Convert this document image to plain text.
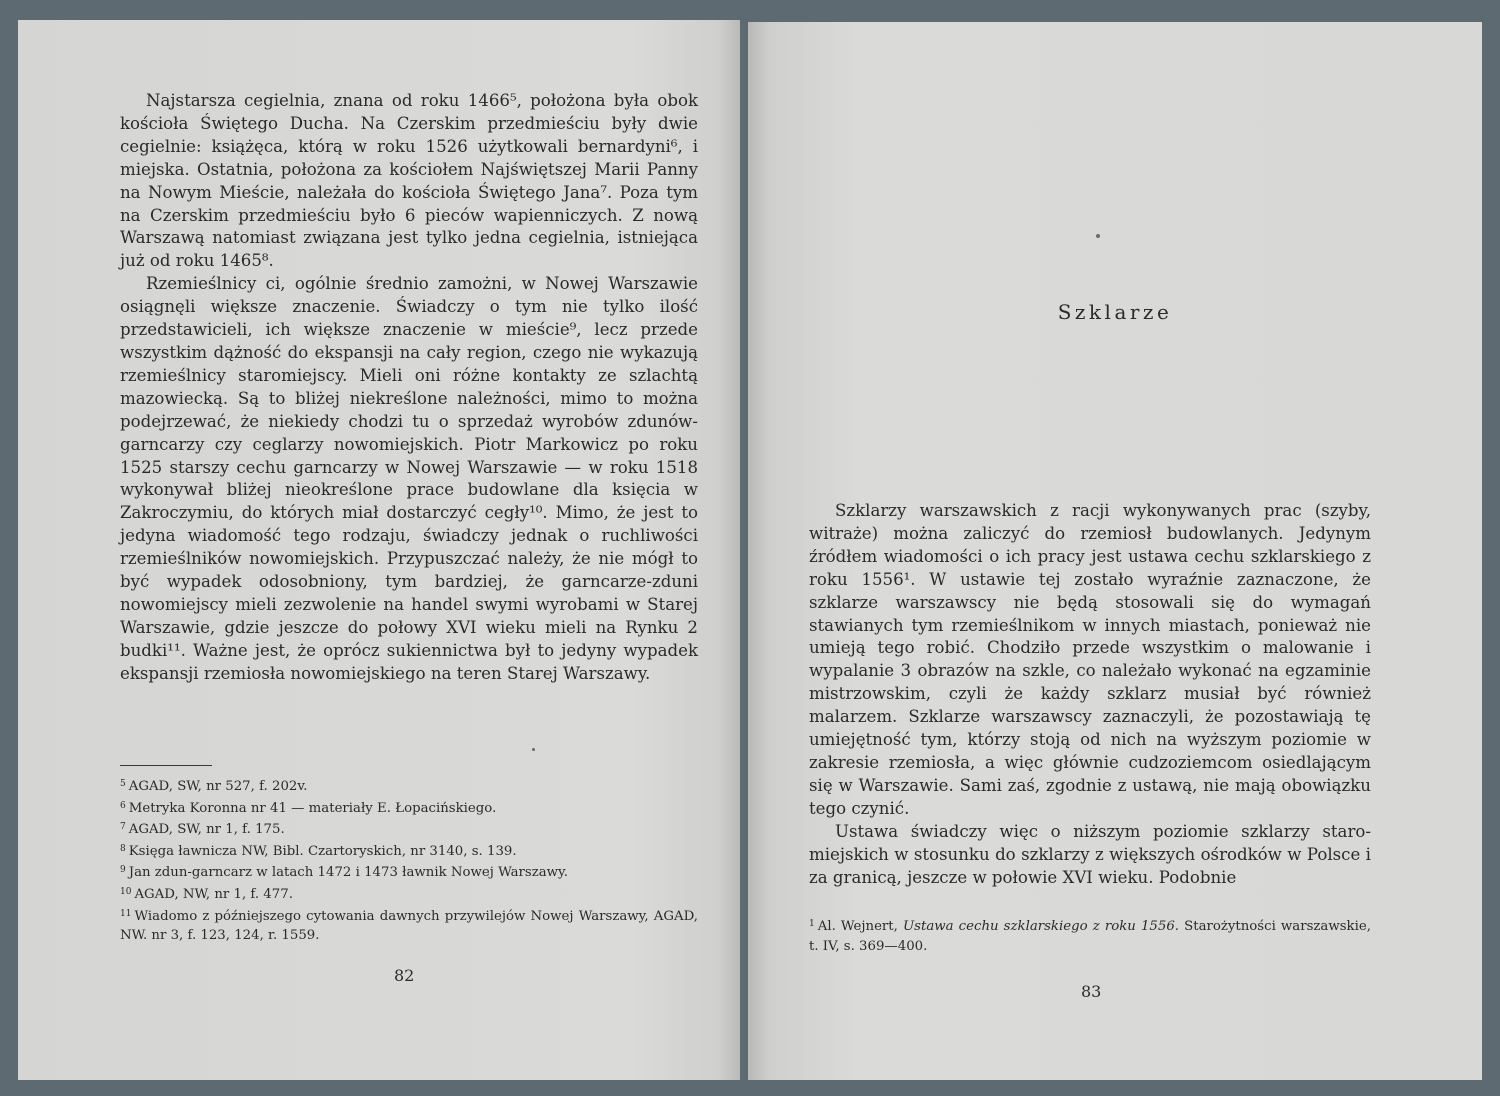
Najstarsza cegielnia, znana od roku 1466⁵, położona była obok kościoła Świętego Ducha. Na Czerskim przedmieściu były dwie cegielnie: książęca, którą w roku 1526 użytkowali bernardyni⁶, i miejska. Ostatnia, położona za kościołem Najświętszej Marii Panny na Nowym Mieście, należała do kościoła Świętego Jana⁷. Poza tym na Czerskim przedmieściu było 6 pieców wapienniczych. Z nową Warszawą natomiast związana jest tylko jedna cegielnia, istniejąca już od roku 1465⁸.

Rzemieślnicy ci, ogólnie średnio zamożni, w Nowej Warszawie osiągnęli większe znaczenie. Świadczy o tym nie tylko ilość przedstawicieli, ich większe znaczenie w mieście⁹, lecz przede wszystkim dążność do ekspansji na cały region, czego nie wykazują rzemieślnicy staromiejscy. Mieli oni różne kontakty ze szlachtą mazowiecką. Są to bliżej niekreślone należności, mimo to można podejrzewać, że niekiedy chodzi tu o sprzedaż wyrobów zdunów-garncarzy czy ceglarzy nowomiejskich. Piotr Markowicz po roku 1525 starszy cechu garncarzy w Nowej Warszawie — w roku 1518 wykonywał bliżej nieokreślone prace budowlane dla księcia w Zakroczymiu, do których miał dostarczyć cegły¹⁰. Mimo, że jest to jedyna wiadomość tego rodzaju, świadczy jednak o ruchliwości rzemieślników nowomiejskich. Przypuszczać należy, że nie mógł to być wypadek odosobniony, tym bardziej, że garncarze-zduni nowomiejscy mieli zezwolenie na handel swymi wyrobami w Starej Warszawie, gdzie jeszcze do połowy XVI wieku mieli na Rynku 2 budki¹¹. Ważne jest, że oprócz sukiennictwa był to jedyny wypadek ekspansji rzemiosła nowomiejskiego na teren Starej Warszawy.

$^5$ AGAD, SW, nr 527, f. 202v.
$^6$ Metryka Koronna nr 41 — materiały E. Łopacińskiego.
$^7$ AGAD, SW, nr 1, f. 175.
$^8$ Księga ławnicza NW, Bibl. Czartoryskich, nr 3140, s. 139.
$^9$ Jan zdun-garncarz w latach 1472 i 1473 ławnik Nowej Warszawy.
$^{10}$ AGAD, NW, nr 1, f. 477.
$^{11}$ Wiadomo z późniejszego cytowania dawnych przywilejów Nowej Warszawy, AGAD, NW. nr 3, f. 123, 124, r. 1559.
82
Szklarze

Szklarzy warszawskich z racji wykonywanych prac (szyby, witraże) można zaliczyć do rzemiosł budowlanych. Jedynym źródłem wiadomości o ich pracy jest ustawa cechu szklarskiego z roku 1556¹. W ustawie tej zostało wyraźnie zaznaczone, że szklarze warszawscy nie będą stosowali się do wymagań stawianych tym rzemieślnikom w innych miastach, ponieważ nie umieją tego robić. Chodziło przede wszystkim o malowanie i wypalanie 3 obrazów na szkle, co należało wykonać na egzaminie mistrzowskim, czyli że każdy szklarz musiał być również malarzem. Szklarze warszawscy zaznaczyli, że pozostawiają tę umiejętność tym, którzy stoją od nich na wyższym poziomie w zakresie rzemiosła, a więc głównie cudzoziemcom osiedlającym się w Warszawie. Sami zaś, zgodnie z ustawą, nie mają obowiązku tego czynić.

Ustawa świadczy więc o niższym poziomie szklarzy staromiejskich w stosunku do szklarzy z większych ośrodków w Polsce i za granicą, jeszcze w połowie XVI wieku. Podobnie

$^1$ Al. Wejnert, Ustawa cechu szklarskiego z roku 1556. Starożytności warszawskie, t. IV, s. 369—400.
83
